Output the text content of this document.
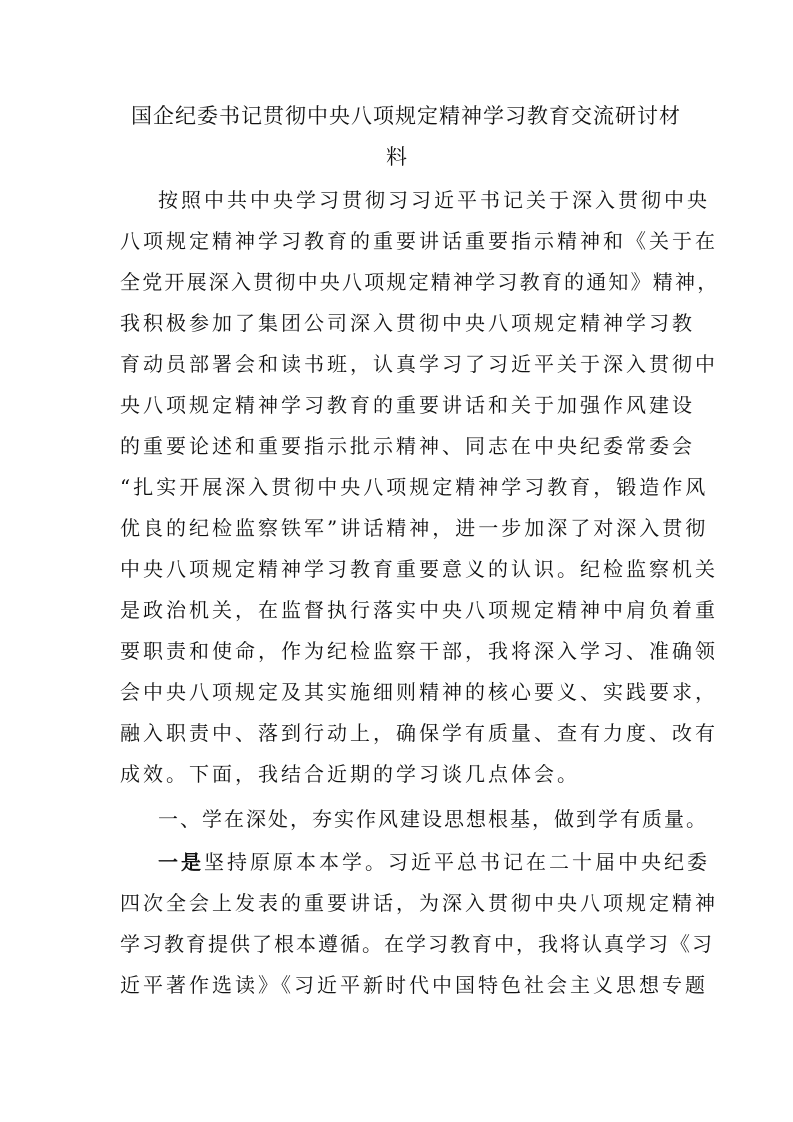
国企纪委书记贯彻中央八项规定精神学习教育交流研讨材
料
按照中共中央学习贯彻习习近平书记关于深入贯彻中央
八项规定精神学习教育的重要讲话重要指示精神和《关于在
全党开展深入贯彻中央八项规定精神学习教育的通知》精神，
我积极参加了集团公司深入贯彻中央八项规定精神学习教
育动员部署会和读书班，认真学习了习近平关于深入贯彻中
央八项规定精神学习教育的重要讲话和关于加强作风建设
的重要论述和重要指示批示精神、同志在中央纪委常委会
“扎实开展深入贯彻中央八项规定精神学习教育，锻造作风
优良的纪检监察铁军”讲话精神，进一步加深了对深入贯彻
中央八项规定精神学习教育重要意义的认识。纪检监察机关
是政治机关，在监督执行落实中央八项规定精神中肩负着重
要职责和使命，作为纪检监察干部，我将深入学习、准确领
会中央八项规定及其实施细则精神的核心要义、实践要求，
融入职责中、落到行动上，确保学有质量、查有力度、改有
成效。下面，我结合近期的学习谈几点体会。
一、学在深处，夯实作风建设思想根基，做到学有质量。
一是坚持原原本本学。习近平总书记在二十届中央纪委
四次全会上发表的重要讲话，为深入贯彻中央八项规定精神
学习教育提供了根本遵循。在学习教育中，我将认真学习《习
近平著作选读》《习近平新时代中国特色社会主义思想专题
